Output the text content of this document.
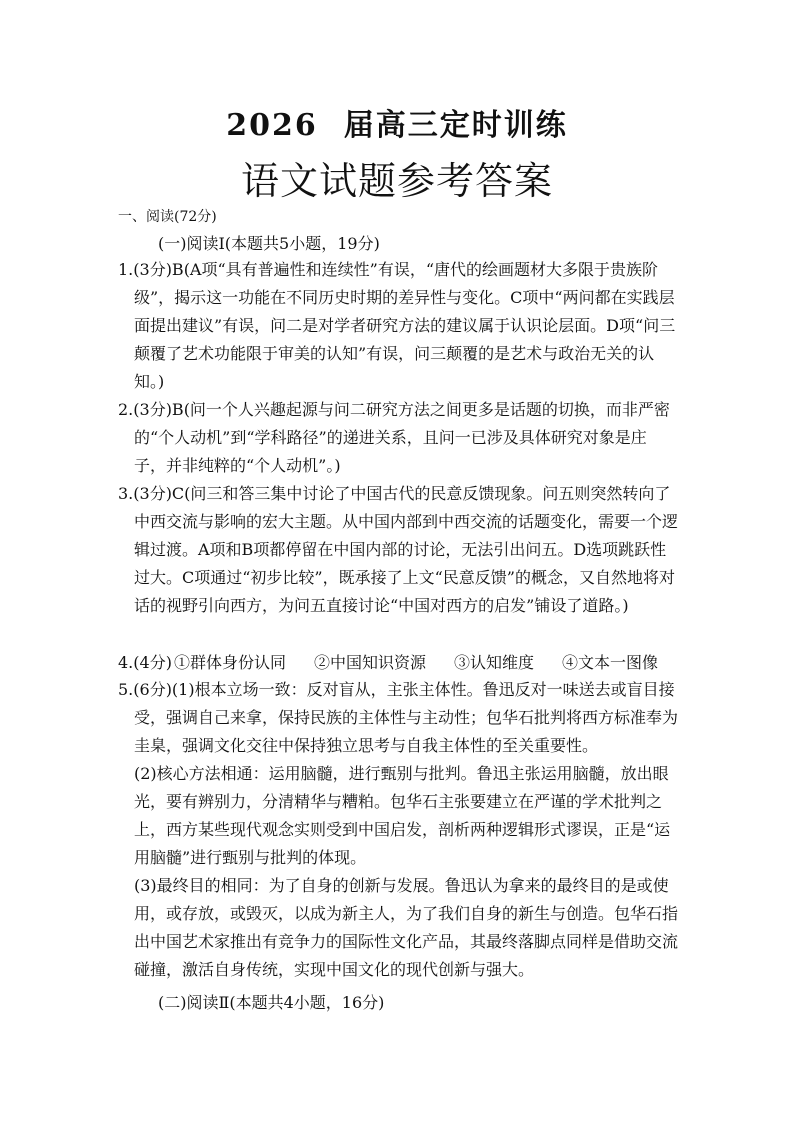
2026 届高三定时训练
语文试题参考答案
一、阅读(72分)
(一)阅读Ⅰ(本题共5小题，19分)

1.(3分)B(A项“具有普遍性和连续性”有误，“唐代的绘画题材大多限于贵族阶级”，揭示这一功能在不同历史时期的差异性与变化。C项中“两问都在实践层面提出建议”有误，问二是对学者研究方法的建议属于认识论层面。D项“问三颠覆了艺术功能限于审美的认知”有误，问三颠覆的是艺术与政治无关的认知。)

2.(3分)B(问一个人兴趣起源与问二研究方法之间更多是话题的切换，而非严密的“个人动机”到“学科路径”的递进关系，且问一已涉及具体研究对象是庄子，并非纯粹的“个人动机”。)

3.(3分)C(问三和答三集中讨论了中国古代的民意反馈现象。问五则突然转向了中西交流与影响的宏大主题。从中国内部到中西交流的话题变化，需要一个逻辑过渡。A项和B项都停留在中国内部的讨论，无法引出问五。D选项跳跃性过大。C项通过“初步比较”，既承接了上文“民意反馈”的概念，又自然地将对话的视野引向西方，为问五直接讨论“中国对西方的启发”铺设了道路。)

4.(4分) ①群体身份认同 ②中国知识资源 ③认知维度 ④文本一图像

5.(6分)(1)根本立场一致：反对盲从，主张主体性。鲁迅反对一味送去或盲目接受，强调自己来拿，保持民族的主体性与主动性；包华石批判将西方标准奉为圭臬，强调文化交往中保持独立思考与自我主体性的至关重要性。

(2)核心方法相通：运用脑髓，进行甄别与批判。鲁迅主张运用脑髓，放出眼光，要有辨别力，分清精华与糟粕。包华石主张要建立在严谨的学术批判之上，西方某些现代观念实则受到中国启发，剖析两种逻辑形式谬误，正是“运用脑髓”进行甄别与批判的体现。

(3)最终目的相同：为了自身的创新与发展。鲁迅认为拿来的最终目的是或使用，或存放，或毁灭，以成为新主人，为了我们自身的新生与创造。包华石指出中国艺术家推出有竞争力的国际性文化产品，其最终落脚点同样是借助交流碰撞，激活自身传统，实现中国文化的现代创新与强大。

(二)阅读Ⅱ(本题共4小题，16分)
